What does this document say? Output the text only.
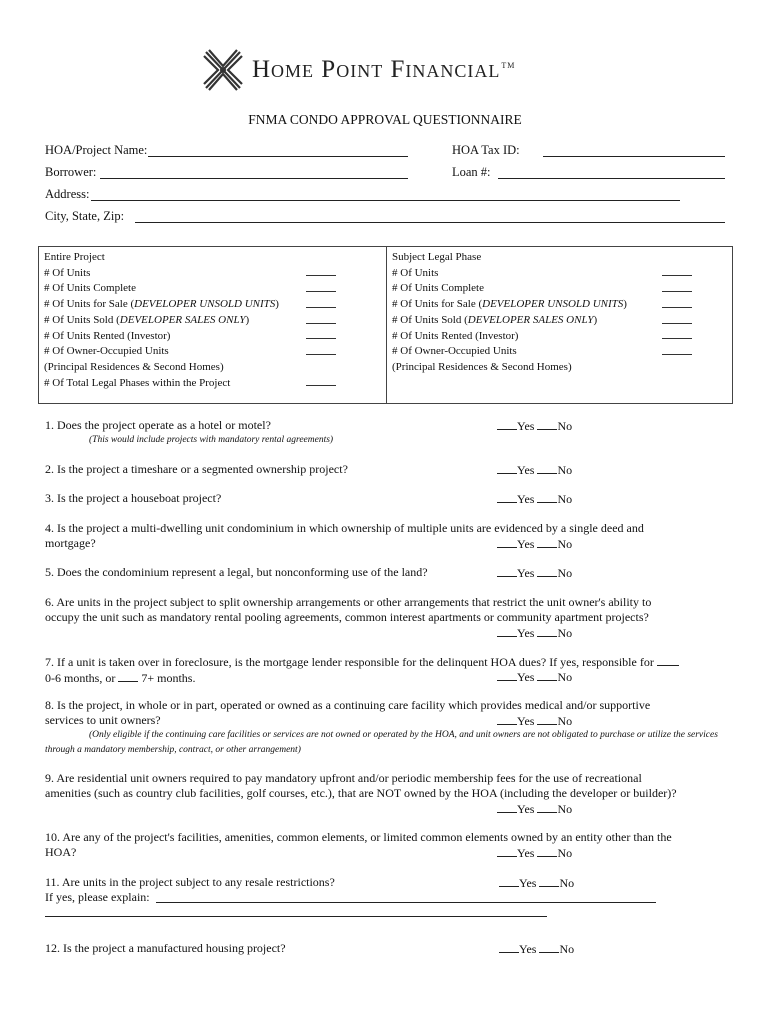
Home Point Financial™
FNMA CONDO APPROVAL QUESTIONNAIRE
HOA/Project Name:	HOA Tax ID:
Borrower:	Loan #:
Address:
City, State, Zip:
Entire Project
# Of Units
# Of Units Complete
# Of Units for Sale (DEVELOPER UNSOLD UNITS)
# Of Units Sold (DEVELOPER SALES ONLY)
# Of Units Rented (Investor)
# Of Owner-Occupied Units
(Principal Residences & Second Homes)
# Of Total Legal Phases within the Project
Subject Legal Phase
# Of Units
# Of Units Complete
# Of Units for Sale (DEVELOPER UNSOLD UNITS)
# Of Units Sold (DEVELOPER SALES ONLY)
# Of Units Rented (Investor)
# Of Owner-Occupied Units
(Principal Residences & Second Homes)
1. Does the project operate as a hotel or motel?
(This would include projects with mandatory rental agreements)
Yes No
2. Is the project a timeshare or a segmented ownership project?	Yes No
3. Is the project a houseboat project?	Yes No
4. Is the project a multi-dwelling unit condominium in which ownership of multiple units are evidenced by a single deed and
mortgage?	Yes No
5. Does the condominium represent a legal, but nonconforming use of the land?	Yes No
6. Are units in the project subject to split ownership arrangements or other arrangements that restrict the unit owner's ability to
occupy the unit such as mandatory rental pooling agreements, common interest apartments or community apartment projects?
Yes No
7. If a unit is taken over in foreclosure, is the mortgage lender responsible for the delinquent HOA dues? If yes, responsible for
0-6 months, or 7+ months.	Yes No
8. Is the project, in whole or in part, operated or owned as a continuing care facility which provides medical and/or supportive
services to unit owners?
(Only eligible if the continuing care facilities or services are not owned or operated by the HOA, and unit owners are not obligated to purchase or utilize the services
through a mandatory membership, contract, or other arrangement)
Yes No
9. Are residential unit owners required to pay mandatory upfront and/or periodic membership fees for the use of recreational
amenities (such as country club facilities, golf courses, etc.), that are NOT owned by the HOA (including the developer or builder)?
Yes No
10. Are any of the project's facilities, amenities, common elements, or limited common elements owned by an entity other than the
HOA?	Yes No
11. Are units in the project subject to any resale restrictions?
If yes, please explain:
Yes No
12. Is the project a manufactured housing project?	Yes No
